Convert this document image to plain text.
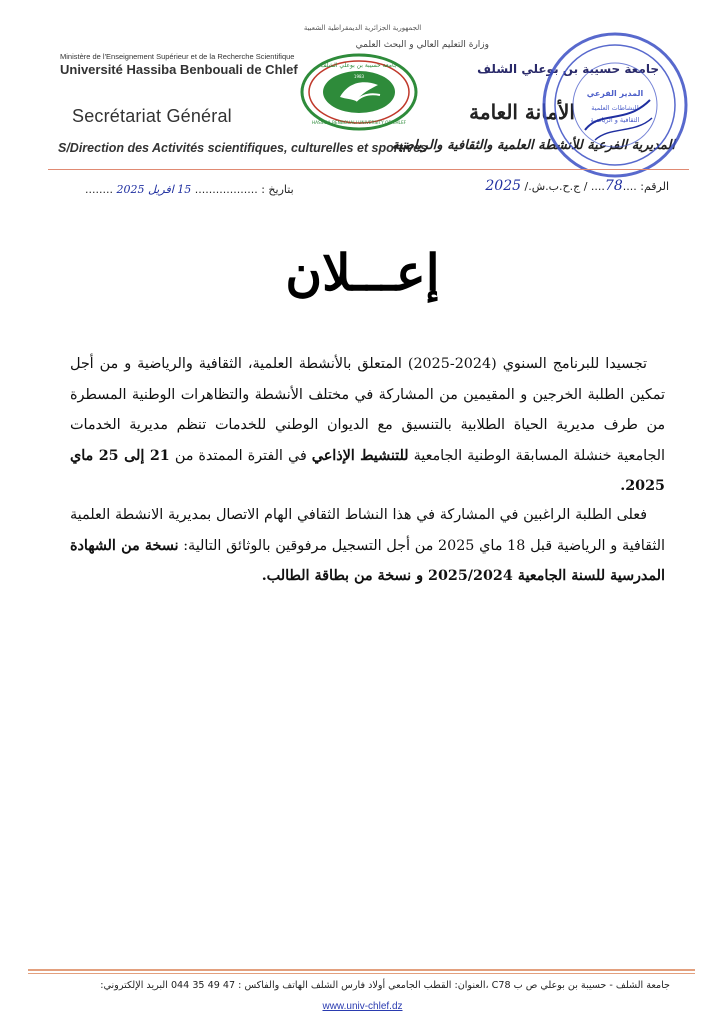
الجمهورية الجزائرية الديمقراطية الشعبية
Ministère de l'Enseignement Supérieur et de la Recherche Scientifique
Université Hassiba Benbouali de Chlef
Secrétariat Général
S/Direction des Activités scientifiques, culturelles et sportives
وزارة التعليم العالي و البحث العلمي
جامعة حسيبة بن بوعلي الشلف
الأمانة العامة
المديرية الفرعية للأنشطة العلمية والثقافية والرياضية
جامعة حسيبة بن بوعلي الشلف
HASSIBA BENBOUALI UNIVERSITY OF CHLEF
1983
المدير الفرعي
للنشاطات العلمية
الثقافية و الرياضية
بتاريخ : .................. 15 افريل 2025 ........	الرقم: ....78.... / ج.ح.ب.ش./ 2025
إعـــلان
تجسيدا للبرنامج السنوي (2024-2025) المتعلق بالأنشطة العلمية، الثقافية والرياضية و من أجل تمكين الطلبة الخرجين و المقيمين من المشاركة في مختلف الأنشطة والتظاهرات الوطنية المسطرة من طرف مديرية الحياة الطلابية بالتنسيق مع الديوان الوطني للخدمات تنظم مديرية الخدمات الجامعية خنشلة المسابقة الوطنية الجامعية للتنشيط الإذاعي في الفترة الممتدة من 21 إلى 25 ماي 2025.
فعلى الطلبة الراغبين في المشاركة في هذا النشاط الثقافي الهام الاتصال بمديرية الانشطة العلمية الثقافية و الرياضية قبل 18 ماي 2025 من أجل التسجيل مرفوقين بالوثائق التالية: نسخة من الشهادة المدرسية للسنة الجامعية 2025/2024 و نسخة من بطاقة الطالب.
جامعة الشلف - حسيبة بن بوعلي ص ب C78 ،العنوان: القطب الجامعي أولاد فارس الشلف الهاتف والفاكس : 47 49 35 044 البريد الإلكتروني:
www.univ-chlef.dz
